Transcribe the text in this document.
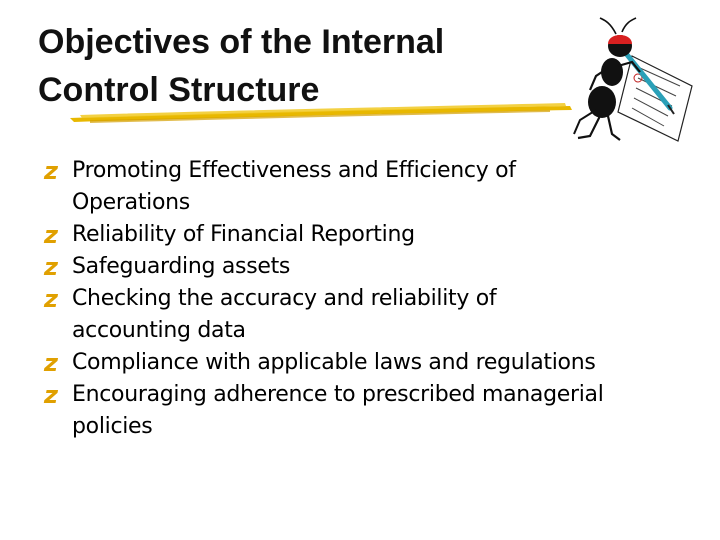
Objectives of the Internal
Control Structure
z Promoting Effectiveness and Efficiency of
Operations
z Reliability of Financial Reporting
z Safeguarding assets
z Checking the accuracy and reliability of
accounting data
z Compliance with applicable laws and regulations
z Encouraging adherence to prescribed managerial
policies
